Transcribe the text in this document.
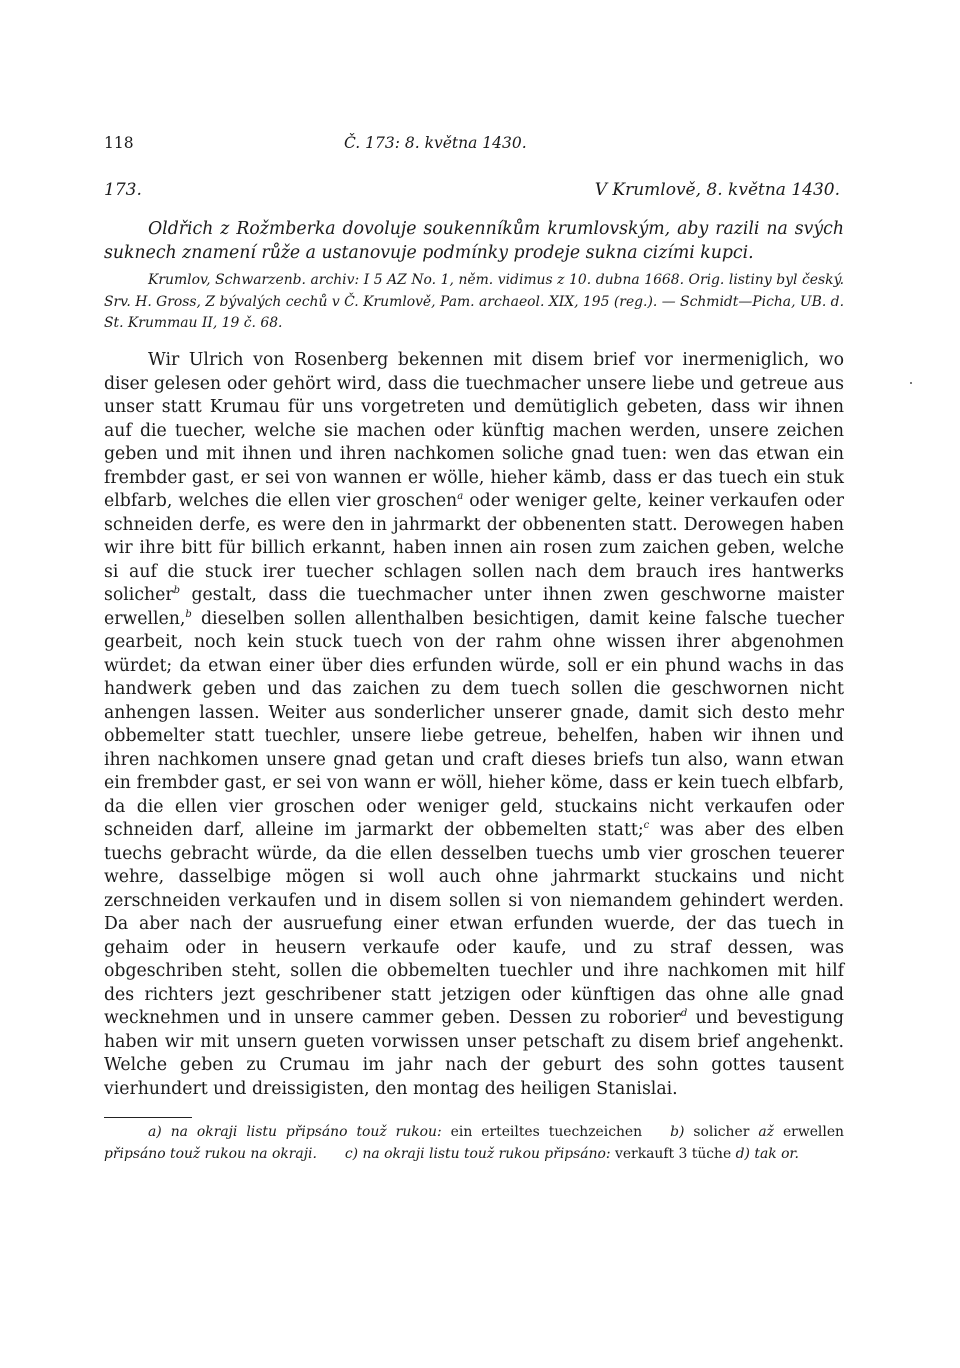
118	Č. 173: 8. května 1430.
173.	V Krumlově, 8. května 1430.
Oldřich z Rožmberka dovoluje soukenníkům krumlovským, aby razili na svých suknech znamení růže a ustanovuje podmínky prodeje sukna cizími kupci.
Krumlov, Schwarzenb. archiv: I 5 AZ No. 1, něm. vidimus z 10. dubna 1668. Orig. listiny byl český. Srv. H. Gross, Z bývalých cechů v Č. Krumlově, Pam. archaeol. XIX, 195 (reg.). — Schmidt—Picha, UB. d. St. Krummau II, 19 č. 68.
Wir Ulrich von Rosenberg bekennen mit disem brief vor inermeniglich, wo diser gelesen oder gehört wird, dass die tuechmacher unsere liebe und getreue aus unser statt Krumau für uns vorgetreten und demütiglich gebeten, dass wir ihnen auf die tuecher, welche sie machen oder künftig machen werden, unsere zeichen geben und mit ihnen und ihren nachkomen soliche gnad tuen: wen das etwan ein frembder gast, er sei von wannen er wölle, hieher kämb, dass er das tuech ein stuk elbfarb, welches die ellen vier groschen$^a$ oder weniger gelte, keiner verkaufen oder schneiden derfe, es were den in jahrmarkt der obbenenten statt. Derowegen haben wir ihre bitt für billich erkannt, haben innen ain rosen zum zaichen geben, welche si auf die stuck irer tuecher schlagen sollen nach dem brauch ires hantwerks solicher$^b$ gestalt, dass die tuechmacher unter ihnen zwen geschworne maister erwellen,$^b$ dieselben sollen allenthalben besichtigen, damit keine falsche tuecher gearbeit, noch kein stuck tuech von der rahm ohne wissen ihrer abgenohmen würdet; da etwan einer über dies erfunden würde, soll er ein phund wachs in das handwerk geben und das zaichen zu dem tuech sollen die geschwornen nicht anhengen lassen. Weiter aus sonderlicher unserer gnade, damit sich desto mehr obbemelter statt tuechler, unsere liebe getreue, behelfen, haben wir ihnen und ihren nachkomen unsere gnad getan und craft dieses briefs tun also, wann etwan ein frembder gast, er sei von wann er wöll, hieher köme, dass er kein tuech elbfarb, da die ellen vier groschen oder weniger geld, stuckains nicht verkaufen oder schneiden darf, alleine im jarmarkt der obbemelten statt;$^c$ was aber des elben tuechs gebracht würde, da die ellen desselben tuechs umb vier groschen teuerer wehre, dasselbige mögen si woll auch ohne jahrmarkt stuckains und nicht zerschneiden verkaufen und in disem sollen si von niemandem gehindert werden. Da aber nach der ausruefung einer etwan erfunden wuerde, der das tuech in gehaim oder in heusern verkaufe oder kaufe, und zu straf dessen, was obgeschriben steht, sollen die obbemelten tuechler und ihre nachkomen mit hilf des richters jezt geschribener statt jetzigen oder künftigen das ohne alle gnad wecknehmen und in unsere cammer geben. Dessen zu roborier$^d$ und bevestigung haben wir mit unsern gueten vorwissen unser petschaft zu disem brief angehenkt. Welche geben zu Crumau im jahr nach der geburt des sohn gottes tausent vierhundert und dreissigisten, den montag des heiligen Stanislai.
a) na okraji listu připsáno touž rukou: ein erteiltes tuechzeichen b) solicher až erwellen připsáno touž rukou na okraji. c) na okraji listu touž rukou připsáno: verkauft 3 tüche d) tak or.
